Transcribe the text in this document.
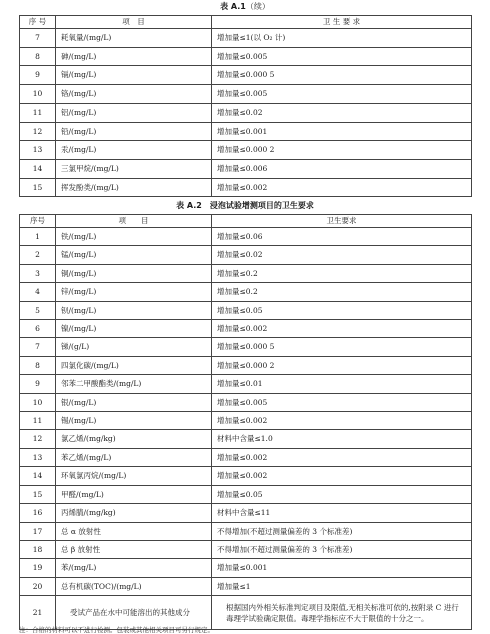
表 A.1（续）
序 号	项　目	卫 生 要 求
7	耗氧量/(mg/L)	增加量≤1(以 O₂ 计)
8	砷/(mg/L)	增加量≤0.005
9	镉/(mg/L)	增加量≤0.000 5
10	铬/(mg/L)	增加量≤0.005
11	铝/(mg/L)	增加量≤0.02
12	铅/(mg/L)	增加量≤0.001
13	汞/(mg/L)	增加量≤0.000 2
14	三氯甲烷/(mg/L)	增加量≤0.006
15	挥发酚类/(mg/L)	增加量≤0.002
表 A.2　浸泡试验增测项目的卫生要求
序号	项　　目	卫生要求
1	铁/(mg/L)	增加量≤0.06
2	锰/(mg/L)	增加量≤0.02
3	铜/(mg/L)	增加量≤0.2
4	锌/(mg/L)	增加量≤0.2
5	钡/(mg/L)	增加量≤0.05
6	镍/(mg/L)	增加量≤0.002
7	锑/(g/L)	增加量≤0.000 5
8	四氯化碳/(mg/L)	增加量≤0.000 2
9	邻苯二甲酸酯类/(mg/L)	增加量≤0.01
10	银/(mg/L)	增加量≤0.005
11	锡/(mg/L)	增加量≤0.002
12	氯乙烯/(mg/kg)	材料中含量≤1.0
13	苯乙烯/(mg/L)	增加量≤0.002
14	环氧氯丙烷/(mg/L)	增加量≤0.002
15	甲醛/(mg/L)	增加量≤0.05
16	丙烯腈/(mg/kg)	材料中含量≤11
17	总 α 放射性	不得增加(不超过测量偏差的 3 个标准差)
18	总 β 放射性	不得增加(不超过测量偏差的 3 个标准差)
19	苯/(mg/L)	增加量≤0.001
20	总有机碳(TOC)/(mg/L)	增加量≤1
21	受试产品在水中可能溶出的其他成分	根据国内外相关标准判定项目及限值,无相关标准可依的,按附录 C 进行毒理学试验确定限值。毒理学指标应不大于限值的十分之一。
注：合格的材料可以不进行检测。包装或其他相关项目可另行规定。
